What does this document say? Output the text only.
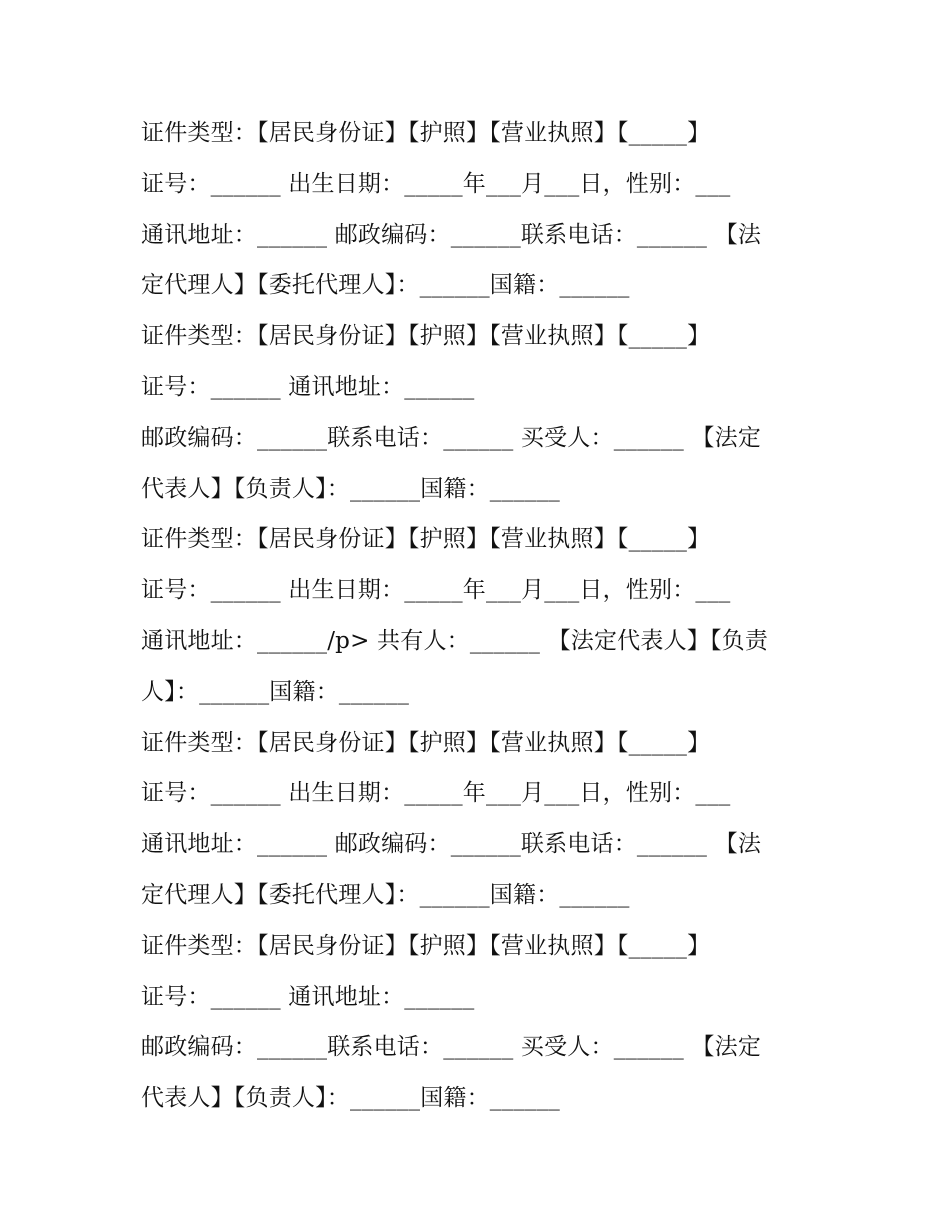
证件类型：【居民身份证】【护照】【营业执照】【_____】
证号：______ 出生日期：_____年___月___日，性别：___
通讯地址：______ 邮政编码：______联系电话：______ 【法
定代理人】【委托代理人】：______国籍：______
证件类型：【居民身份证】【护照】【营业执照】【_____】
证号：______ 通讯地址：______
邮政编码：______联系电话：______ 买受人：______ 【法定
代表人】【负责人】：______国籍：______
证件类型：【居民身份证】【护照】【营业执照】【_____】
证号：______ 出生日期：_____年___月___日，性别：___
通讯地址：______/p> 共有人：______ 【法定代表人】【负责
人】：______国籍：______
证件类型：【居民身份证】【护照】【营业执照】【_____】
证号：______ 出生日期：_____年___月___日，性别：___
通讯地址：______ 邮政编码：______联系电话：______ 【法
定代理人】【委托代理人】：______国籍：______
证件类型：【居民身份证】【护照】【营业执照】【_____】
证号：______ 通讯地址：______
邮政编码：______联系电话：______ 买受人：______ 【法定
代表人】【负责人】：______国籍：______
